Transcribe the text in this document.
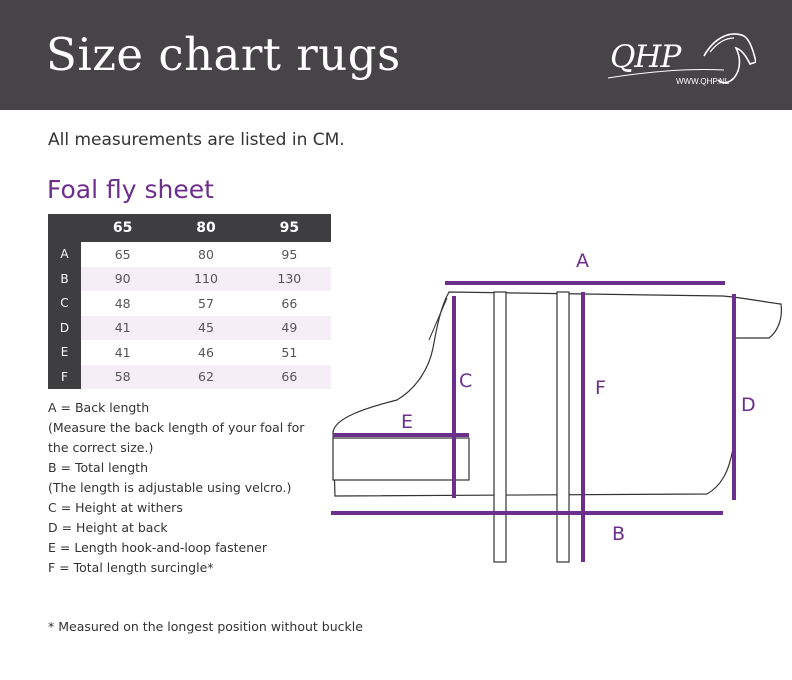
Size chart rugs	QHP
WWW.QHP.NL
All measurements are listed in CM.
Foal fly sheet
	65	80	95
A	65	80	95
B	90	110	130
C	48	57	66
D	41	45	49
E	41	46	51
F	58	62	66
A = Back length
(Measure the back length of your foal for
the correct size.)
B = Total length
(The length is adjustable using velcro.)
C = Height at withers
D = Height at back
E = Length hook-and-loop fastener
F = Total length surcingle*
* Measured on the longest position without buckle
A
B
C
D
E
F
